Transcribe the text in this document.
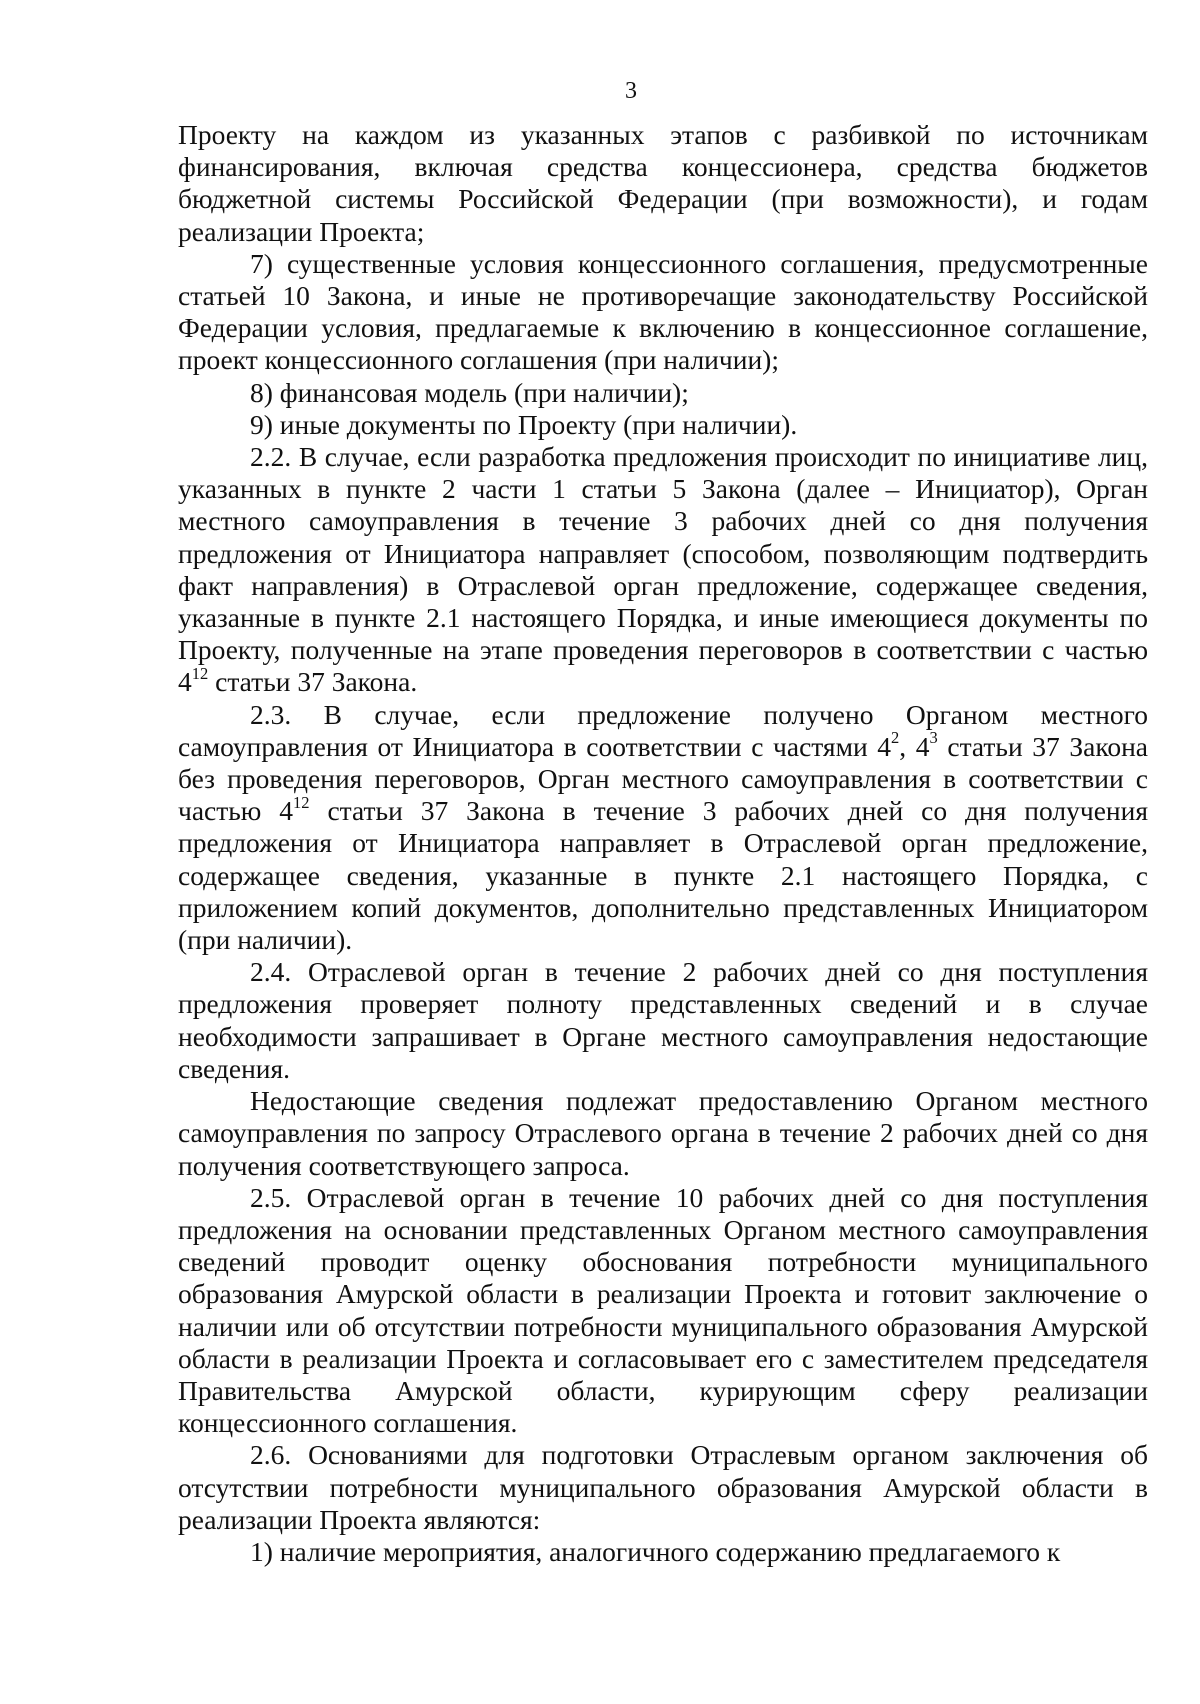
3

Проекту на каждом из указанных этапов с разбивкой по источникам финансирования, включая средства концессионера, средства бюджетов бюджетной системы Российской Федерации (при возможности), и годам реализации Проекта;

7) существенные условия концессионного соглашения, предусмотренные статьей 10 Закона, и иные не противоречащие законодательству Российской Федерации условия, предлагаемые к включению в концессионное соглашение, проект концессионного соглашения (при наличии);

8) финансовая модель (при наличии);

9) иные документы по Проекту (при наличии).

2.2. В случае, если разработка предложения происходит по инициативе лиц, указанных в пункте 2 части 1 статьи 5 Закона (далее – Инициатор), Орган местного самоуправления в течение 3 рабочих дней со дня получения предложения от Инициатора направляет (способом, позволяющим подтвердить факт направления) в Отраслевой орган предложение, содержащее сведения, указанные в пункте 2.1 настоящего Порядка, и иные имеющиеся документы по Проекту, полученные на этапе проведения переговоров в соответствии с частью $4^{12}$ статьи 37 Закона.

2.3. В случае, если предложение получено Органом местного самоуправления от Инициатора в соответствии с частями $4^2$, $4^3$ статьи 37 Закона без проведения переговоров, Орган местного самоуправления в соответствии с частью $4^{12}$ статьи 37 Закона в течение 3 рабочих дней со дня получения предложения от Инициатора направляет в Отраслевой орган предложение, содержащее сведения, указанные в пункте 2.1 настоящего Порядка, с приложением копий документов, дополнительно представленных Инициатором (при наличии).

2.4. Отраслевой орган в течение 2 рабочих дней со дня поступления предложения проверяет полноту представленных сведений и в случае необходимости запрашивает в Органе местного самоуправления недостающие сведения.

Недостающие сведения подлежат предоставлению Органом местного самоуправления по запросу Отраслевого органа в течение 2 рабочих дней со дня получения соответствующего запроса.

2.5. Отраслевой орган в течение 10 рабочих дней со дня поступления предложения на основании представленных Органом местного самоуправления сведений проводит оценку обоснования потребности муниципального образования Амурской области в реализации Проекта и готовит заключение о наличии или об отсутствии потребности муниципального образования Амурской области в реализации Проекта и согласовывает его с заместителем председателя Правительства Амурской области, курирующим сферу реализации концессионного соглашения.

2.6. Основаниями для подготовки Отраслевым органом заключения об отсутствии потребности муниципального образования Амурской области в реализации Проекта являются:

1) наличие мероприятия, аналогичного содержанию предлагаемого к
